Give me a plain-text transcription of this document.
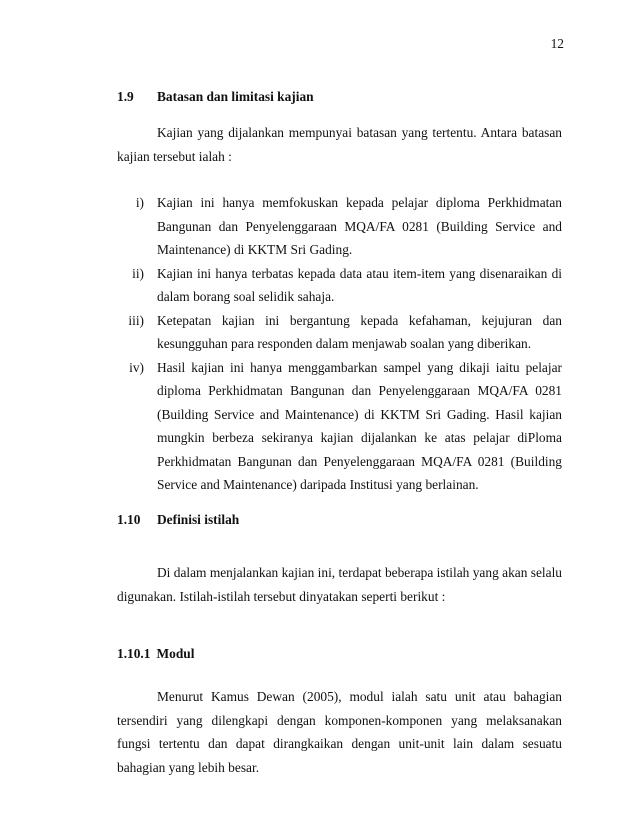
12
1.9 Batasan dan limitasi kajian

Kajian yang dijalankan mempunyai batasan yang tertentu. Antara batasan kajian tersebut ialah :

i) Kajian ini hanya memfokuskan kepada pelajar diploma Perkhidmatan Bangunan dan Penyelenggaraan MQA/FA 0281 (Building Service and Maintenance) di KKTM Sri Gading.
ii) Kajian ini hanya terbatas kepada data atau item-item yang disenaraikan di dalam borang soal selidik sahaja.
iii) Ketepatan kajian ini bergantung kepada kefahaman, kejujuran dan kesungguhan para responden dalam menjawab soalan yang diberikan.
iv) Hasil kajian ini hanya menggambarkan sampel yang dikaji iaitu pelajar diploma Perkhidmatan Bangunan dan Penyelenggaraan MQA/FA 0281 (Building Service and Maintenance) di KKTM Sri Gading. Hasil kajian mungkin berbeza sekiranya kajian dijalankan ke atas pelajar diPloma Perkhidmatan Bangunan dan Penyelenggaraan MQA/FA 0281 (Building Service and Maintenance) daripada Institusi yang berlainan.
1.10 Definisi istilah

Di dalam menjalankan kajian ini, terdapat beberapa istilah yang akan selalu digunakan. Istilah-istilah tersebut dinyatakan seperti berikut :

1.10.1 Modul

Menurut Kamus Dewan (2005), modul ialah satu unit atau bahagian tersendiri yang dilengkapi dengan komponen-komponen yang melaksanakan fungsi tertentu dan dapat dirangkaikan dengan unit-unit lain dalam sesuatu bahagian yang lebih besar.
